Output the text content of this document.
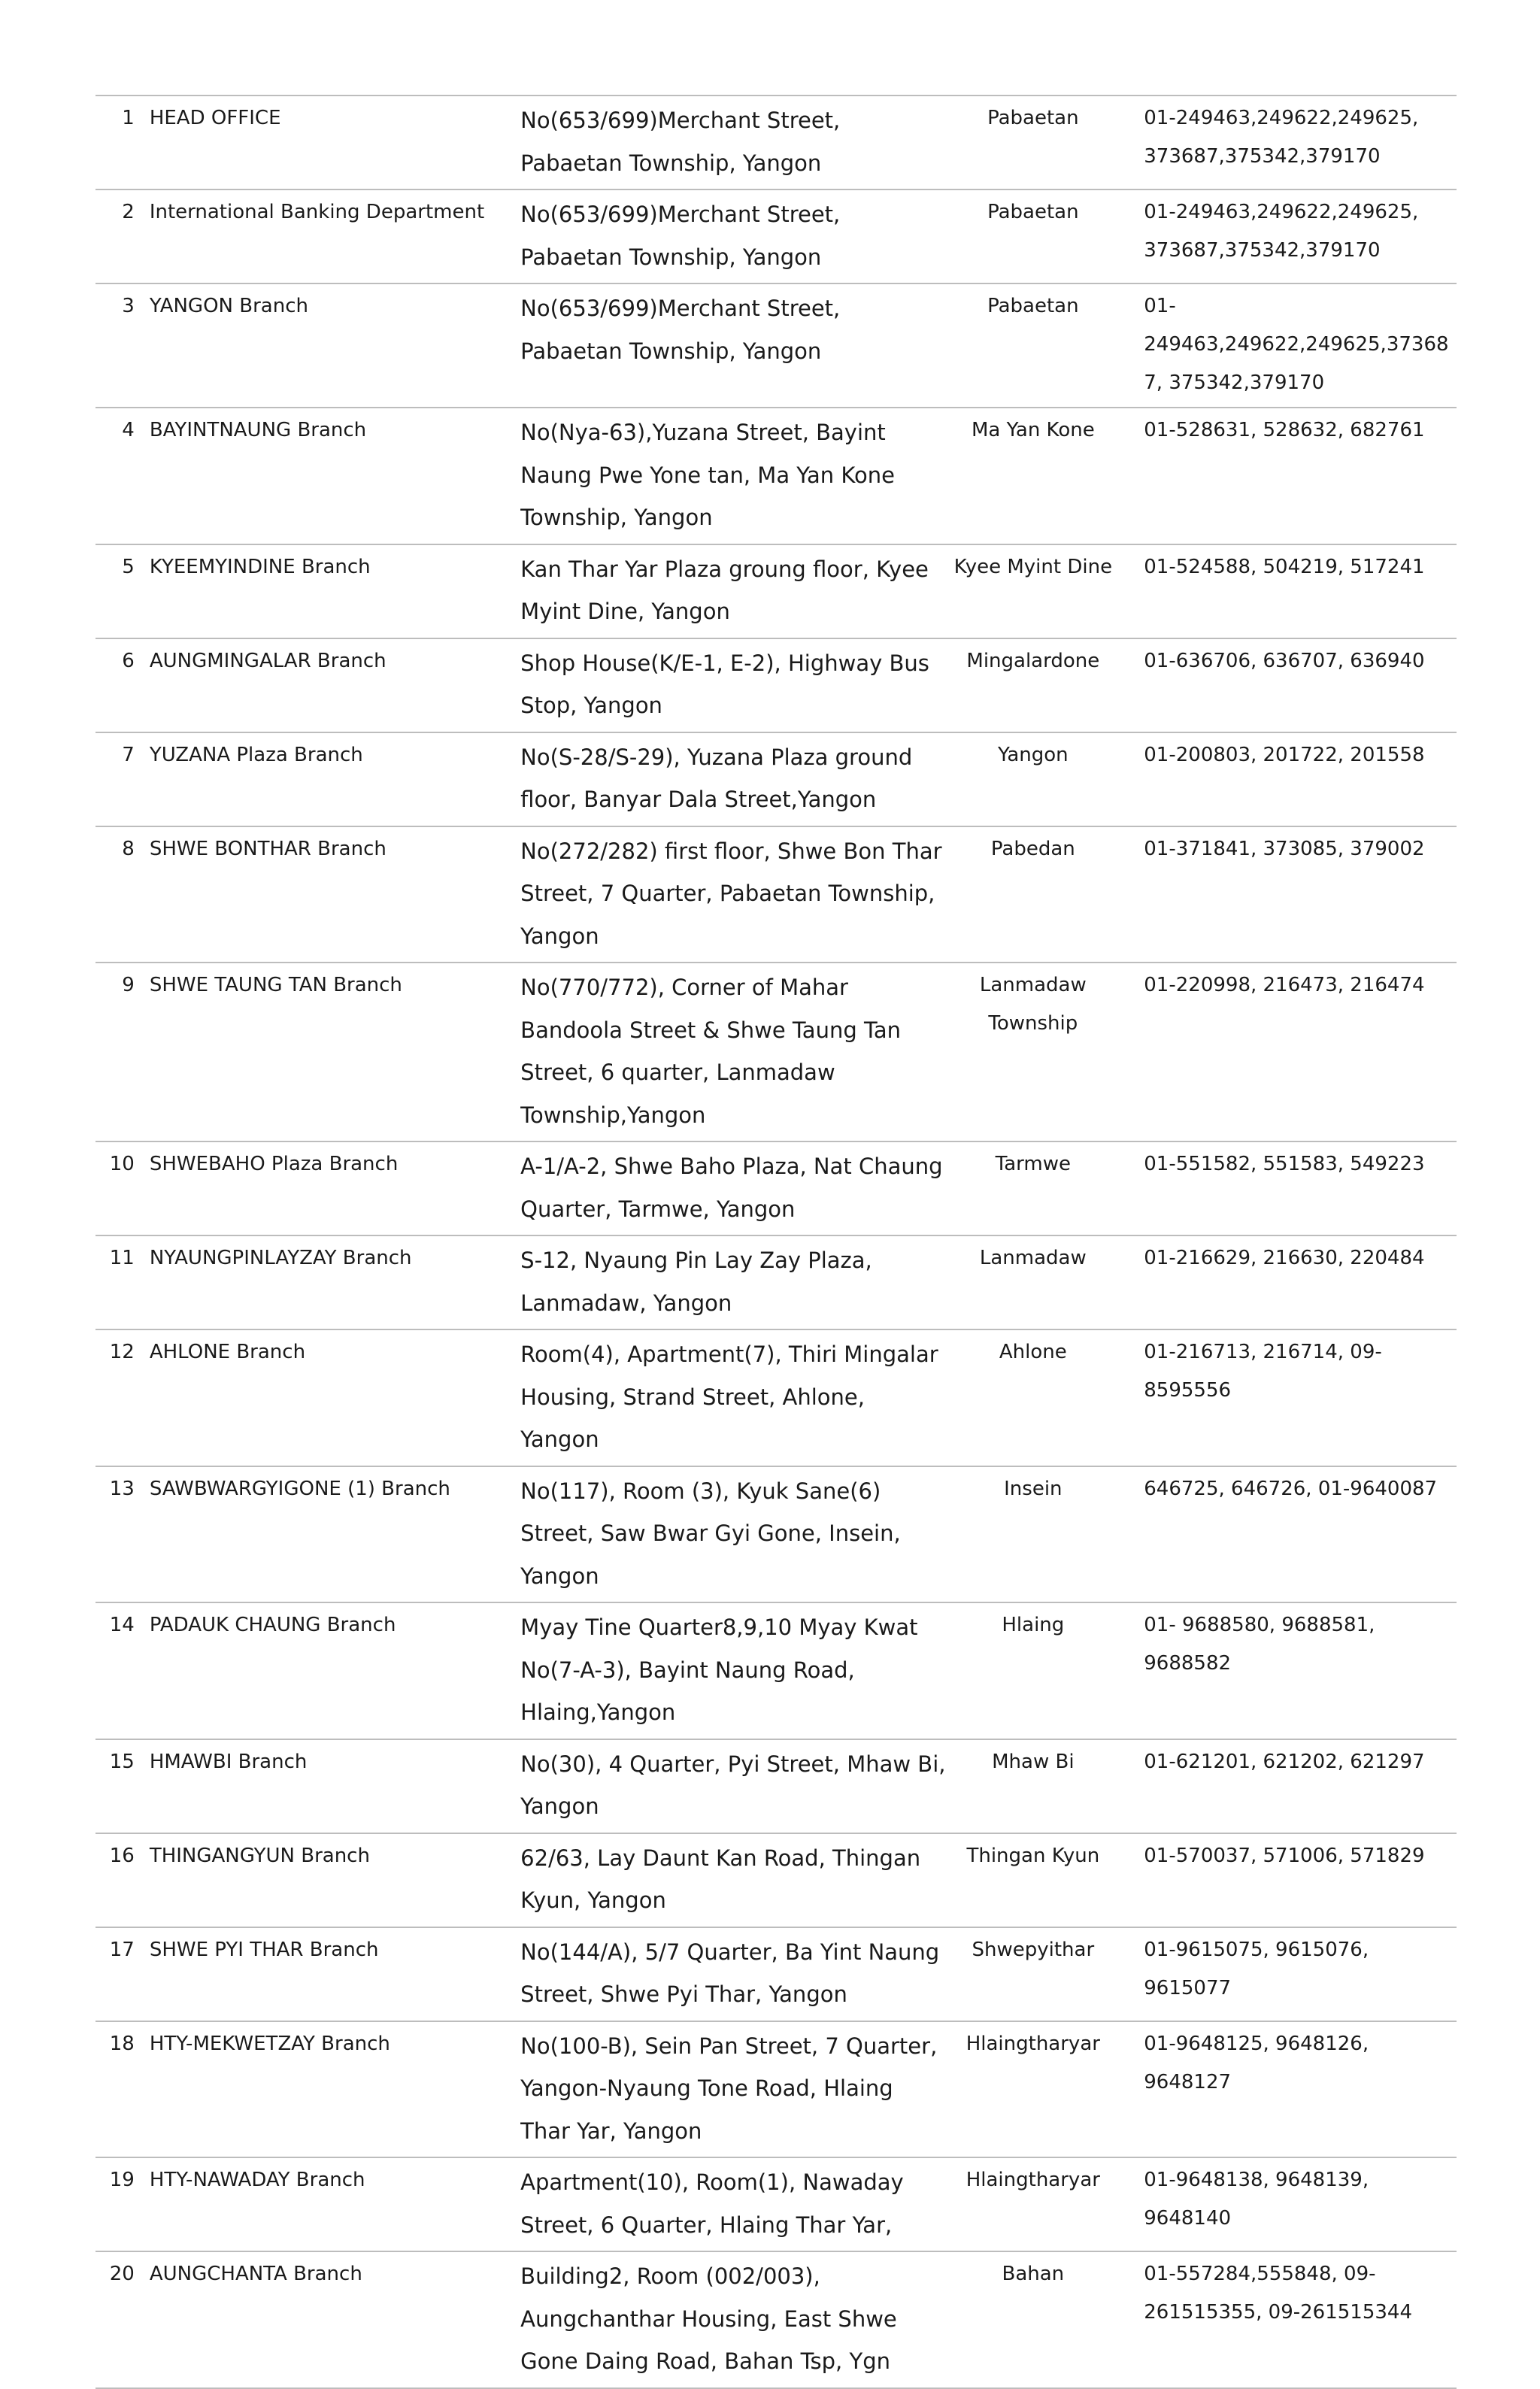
1	HEAD OFFICE	No(653/699)Merchant Street, Pabaetan Township, Yangon	Pabaetan	01-249463,249622,249625, 373687,375342,379170
2	International Banking Department	No(653/699)Merchant Street, Pabaetan Township, Yangon	Pabaetan	01-249463,249622,249625, 373687,375342,379170
3	YANGON Branch	No(653/699)Merchant Street, Pabaetan Township, Yangon	Pabaetan	01- 249463,249622,249625,373687, 375342,379170
4	BAYINTNAUNG Branch	No(Nya-63),Yuzana Street, Bayint Naung Pwe Yone tan, Ma Yan Kone Township, Yangon	Ma Yan Kone	01-528631, 528632, 682761
5	KYEEMYINDINE Branch	Kan Thar Yar Plaza groung floor, Kyee Myint Dine, Yangon	Kyee Myint Dine	01-524588, 504219, 517241
6	AUNGMINGALAR Branch	Shop House(K/E-1, E-2), Highway Bus Stop, Yangon	Mingalardone	01-636706, 636707, 636940
7	YUZANA Plaza Branch	No(S-28/S-29), Yuzana Plaza ground floor, Banyar Dala Street,Yangon	Yangon	01-200803, 201722, 201558
8	SHWE BONTHAR Branch	No(272/282) first floor, Shwe Bon Thar Street, 7 Quarter, Pabaetan Township, Yangon	Pabedan	01-371841, 373085, 379002
9	SHWE TAUNG TAN Branch	No(770/772), Corner of Mahar Bandoola Street & Shwe Taung Tan Street, 6 quarter, Lanmadaw Township,Yangon	Lanmadaw Township	01-220998, 216473, 216474
10	SHWEBAHO Plaza Branch	A-1/A-2, Shwe Baho Plaza, Nat Chaung Quarter, Tarmwe, Yangon	Tarmwe	01-551582, 551583, 549223
11	NYAUNGPINLAYZAY Branch	S-12, Nyaung Pin Lay Zay Plaza, Lanmadaw, Yangon	Lanmadaw	01-216629, 216630, 220484
12	AHLONE Branch	Room(4), Apartment(7), Thiri Mingalar Housing, Strand Street, Ahlone, Yangon	Ahlone	01-216713, 216714, 09-8595556
13	SAWBWARGYIGONE (1) Branch	No(117), Room (3), Kyuk Sane(6) Street, Saw Bwar Gyi Gone, Insein, Yangon	Insein	646725, 646726, 01-9640087
14	PADAUK CHAUNG Branch	Myay Tine Quarter8,9,10 Myay Kwat No(7-A-3), Bayint Naung Road, Hlaing,Yangon	Hlaing	01- 9688580, 9688581, 9688582
15	HMAWBI Branch	No(30), 4 Quarter, Pyi Street, Mhaw Bi, Yangon	Mhaw Bi	01-621201, 621202, 621297
16	THINGANGYUN Branch	62/63, Lay Daunt Kan Road, Thingan Kyun, Yangon	Thingan Kyun	01-570037, 571006, 571829
17	SHWE PYI THAR Branch	No(144/A), 5/7 Quarter, Ba Yint Naung Street, Shwe Pyi Thar, Yangon	Shwepyithar	01-9615075, 9615076, 9615077
18	HTY-MEKWETZAY Branch	No(100-B), Sein Pan Street, 7 Quarter, Yangon-Nyaung Tone Road, Hlaing Thar Yar, Yangon	Hlaingtharyar	01-9648125, 9648126, 9648127
19	HTY-NAWADAY Branch	Apartment(10), Room(1), Nawaday Street, 6 Quarter, Hlaing Thar Yar,	Hlaingtharyar	01-9648138, 9648139, 9648140
20	AUNGCHANTA Branch	Building2, Room (002/003), Aungchanthar Housing, East Shwe Gone Daing Road, Bahan Tsp, Ygn	Bahan	01-557284,555848, 09- 261515355, 09-261515344
